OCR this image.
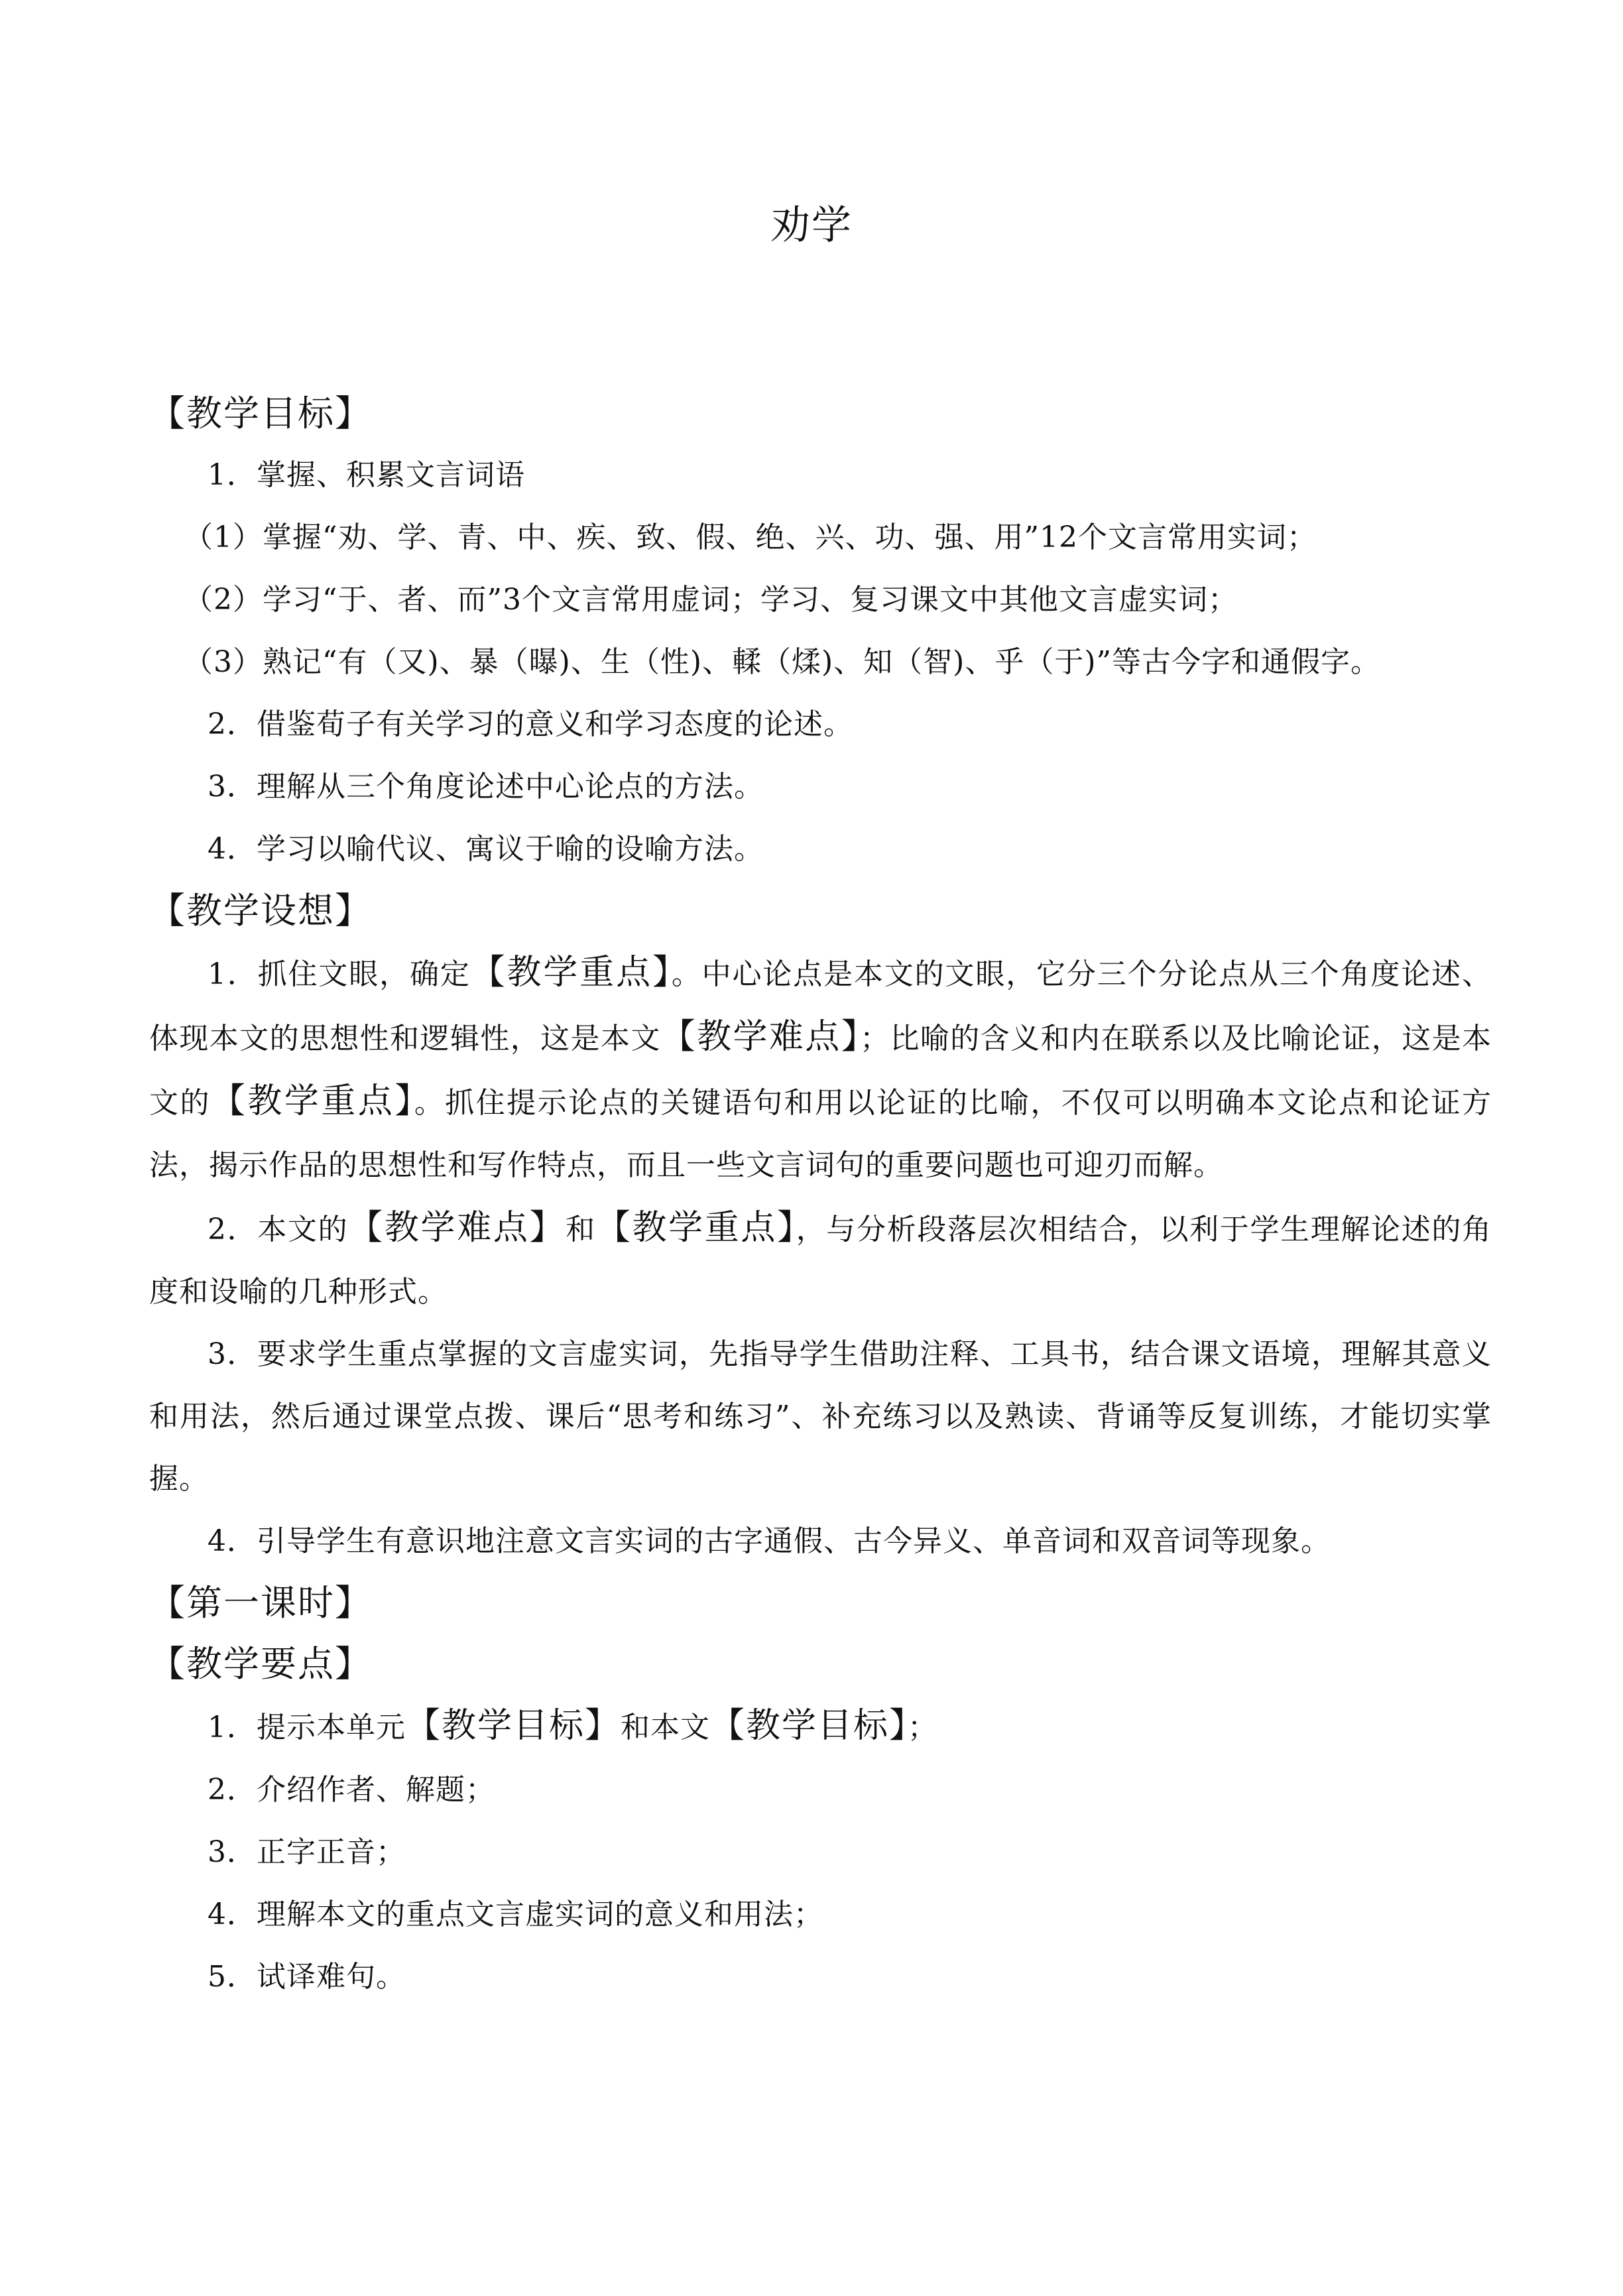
劝学
【教学目标】

1．掌握、积累文言词语

（1）掌握“劝、学、青、中、疾、致、假、绝、兴、功、强、用”12个文言常用实词；

（2）学习“于、者、而”3个文言常用虚词；学习、复习课文中其他文言虚实词；

（3）熟记“有（又)、暴（曝)、生（性)、輮（煣)、知（智)、乎（于)”等古今字和通假字。

2．借鉴荀子有关学习的意义和学习态度的论述。

3．理解从三个角度论述中心论点的方法。

4．学习以喻代议、寓议于喻的设喻方法。

【教学设想】

1．抓住文眼，确定【教学重点】。中心论点是本文的文眼，它分三个分论点从三个角度论述、体现本文的思想性和逻辑性，这是本文【教学难点】；比喻的含义和内在联系以及比喻论证，这是本文的【教学重点】。抓住提示论点的关键语句和用以论证的比喻，不仅可以明确本文论点和论证方法，揭示作品的思想性和写作特点，而且一些文言词句的重要问题也可迎刃而解。

2．本文的【教学难点】和【教学重点】，与分析段落层次相结合，以利于学生理解论述的角度和设喻的几种形式。

3．要求学生重点掌握的文言虚实词，先指导学生借助注释、工具书，结合课文语境，理解其意义和用法，然后通过课堂点拨、课后“思考和练习”、补充练习以及熟读、背诵等反复训练，才能切实掌握。

4．引导学生有意识地注意文言实词的古字通假、古今异义、单音词和双音词等现象。

【第一课时】
【教学要点】

1．提示本单元【教学目标】和本文【教学目标】；

2．介绍作者、解题；

3．正字正音；

4．理解本文的重点文言虚实词的意义和用法；

5．试译难句。
